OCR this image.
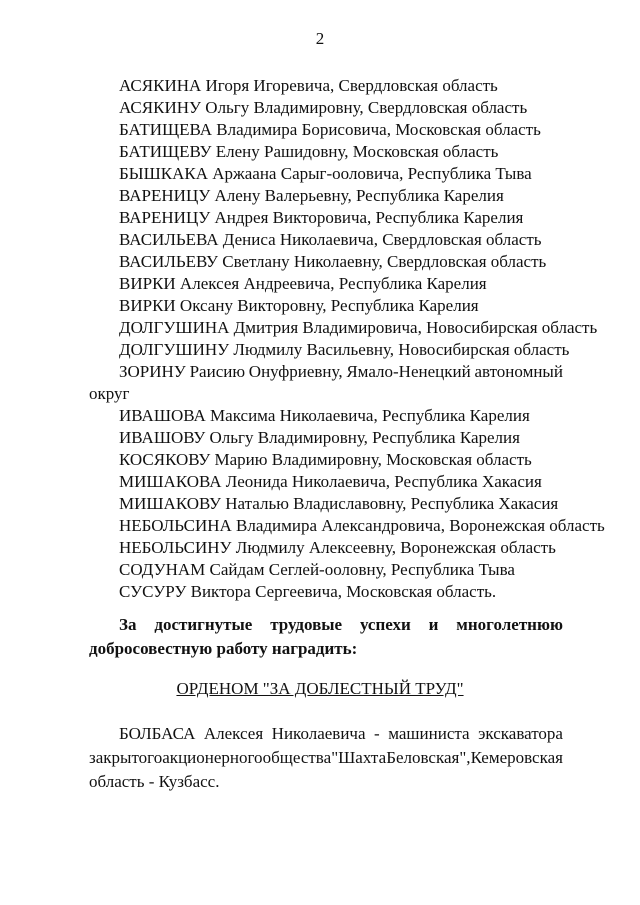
2
АСЯКИНА Игоря Игоревича, Свердловская область
АСЯКИНУ Ольгу Владимировну, Свердловская область
БАТИЩЕВА Владимира Борисовича, Московская область
БАТИЩЕВУ Елену Рашидовну, Московская область
БЫШКАКА Аржаана Сарыг-ооловича, Республика Тыва
ВАРЕНИЦУ Алену Валерьевну, Республика Карелия
ВАРЕНИЦУ Андрея Викторовича, Республика Карелия
ВАСИЛЬЕВА Дениса Николаевича, Свердловская область
ВАСИЛЬЕВУ Светлану Николаевну, Свердловская область
ВИРКИ Алексея Андреевича, Республика Карелия
ВИРКИ Оксану Викторовну, Республика Карелия
ДОЛГУШИНА Дмитрия Владимировича, Новосибирская область
ДОЛГУШИНУ Людмилу Васильевну, Новосибирская область
ЗОРИНУ Раисию Онуфриевну, Ямало-Ненецкий автономный
округ
ИВАШОВА Максима Николаевича, Республика Карелия
ИВАШОВУ Ольгу Владимировну, Республика Карелия
КОСЯКОВУ Марию Владимировну, Московская область
МИШАКОВА Леонида Николаевича, Республика Хакасия
МИШАКОВУ Наталью Владиславовну, Республика Хакасия
НЕБОЛЬСИНА Владимира Александровича, Воронежская область
НЕБОЛЬСИНУ Людмилу Алексеевну, Воронежская область
СОДУНАМ Сайдам Сеглей-ооловну, Республика Тыва
СУСУРУ Виктора Сергеевича, Московская область.
За достигнутые трудовые успехи и многолетнюю
добросовестную работу наградить:
ОРДЕНОМ "ЗА ДОБЛЕСТНЫЙ ТРУД"
БОЛБАСА Алексея Николаевича - машиниста экскаватора
закрытого акционерного общества "Шахта Беловская", Кемеровская
область - Кузбасс.
